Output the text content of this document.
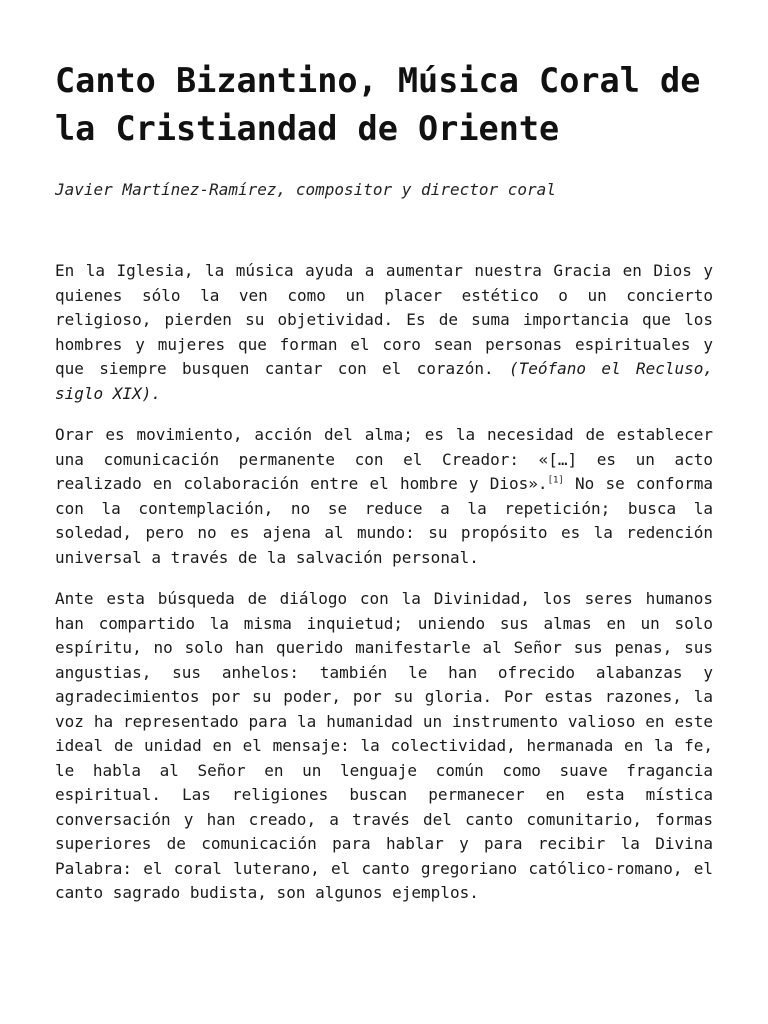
Canto Bizantino, Música Coral de la Cristiandad de Oriente

Javier Martínez-Ramírez, compositor y director coral

En la Iglesia, la música ayuda a aumentar nuestra Gracia en Dios y quienes sólo la ven como un placer estético o un concierto religioso, pierden su objetividad. Es de suma importancia que los hombres y mujeres que forman el coro sean personas espirituales y que siempre busquen cantar con el corazón. (Teófano el Recluso, siglo XIX).

Orar es movimiento, acción del alma; es la necesidad de establecer una comunicación permanente con el Creador: «[…] es un acto realizado en colaboración entre el hombre y Dios».[1] No se conforma con la contemplación, no se reduce a la repetición; busca la soledad, pero no es ajena al mundo: su propósito es la redención universal a través de la salvación personal.

Ante esta búsqueda de diálogo con la Divinidad, los seres humanos han compartido la misma inquietud; uniendo sus almas en un solo espíritu, no solo han querido manifestarle al Señor sus penas, sus angustias, sus anhelos: también le han ofrecido alabanzas y agradecimientos por su poder, por su gloria. Por estas razones, la voz ha representado para la humanidad un instrumento valioso en este ideal de unidad en el mensaje: la colectividad, hermanada en la fe, le habla al Señor en un lenguaje común como suave fragancia espiritual. Las religiones buscan permanecer en esta mística conversación y han creado, a través del canto comunitario, formas superiores de comunicación para hablar y para recibir la Divina Palabra: el coral luterano, el canto gregoriano católico-romano, el canto sagrado budista, son algunos ejemplos.
